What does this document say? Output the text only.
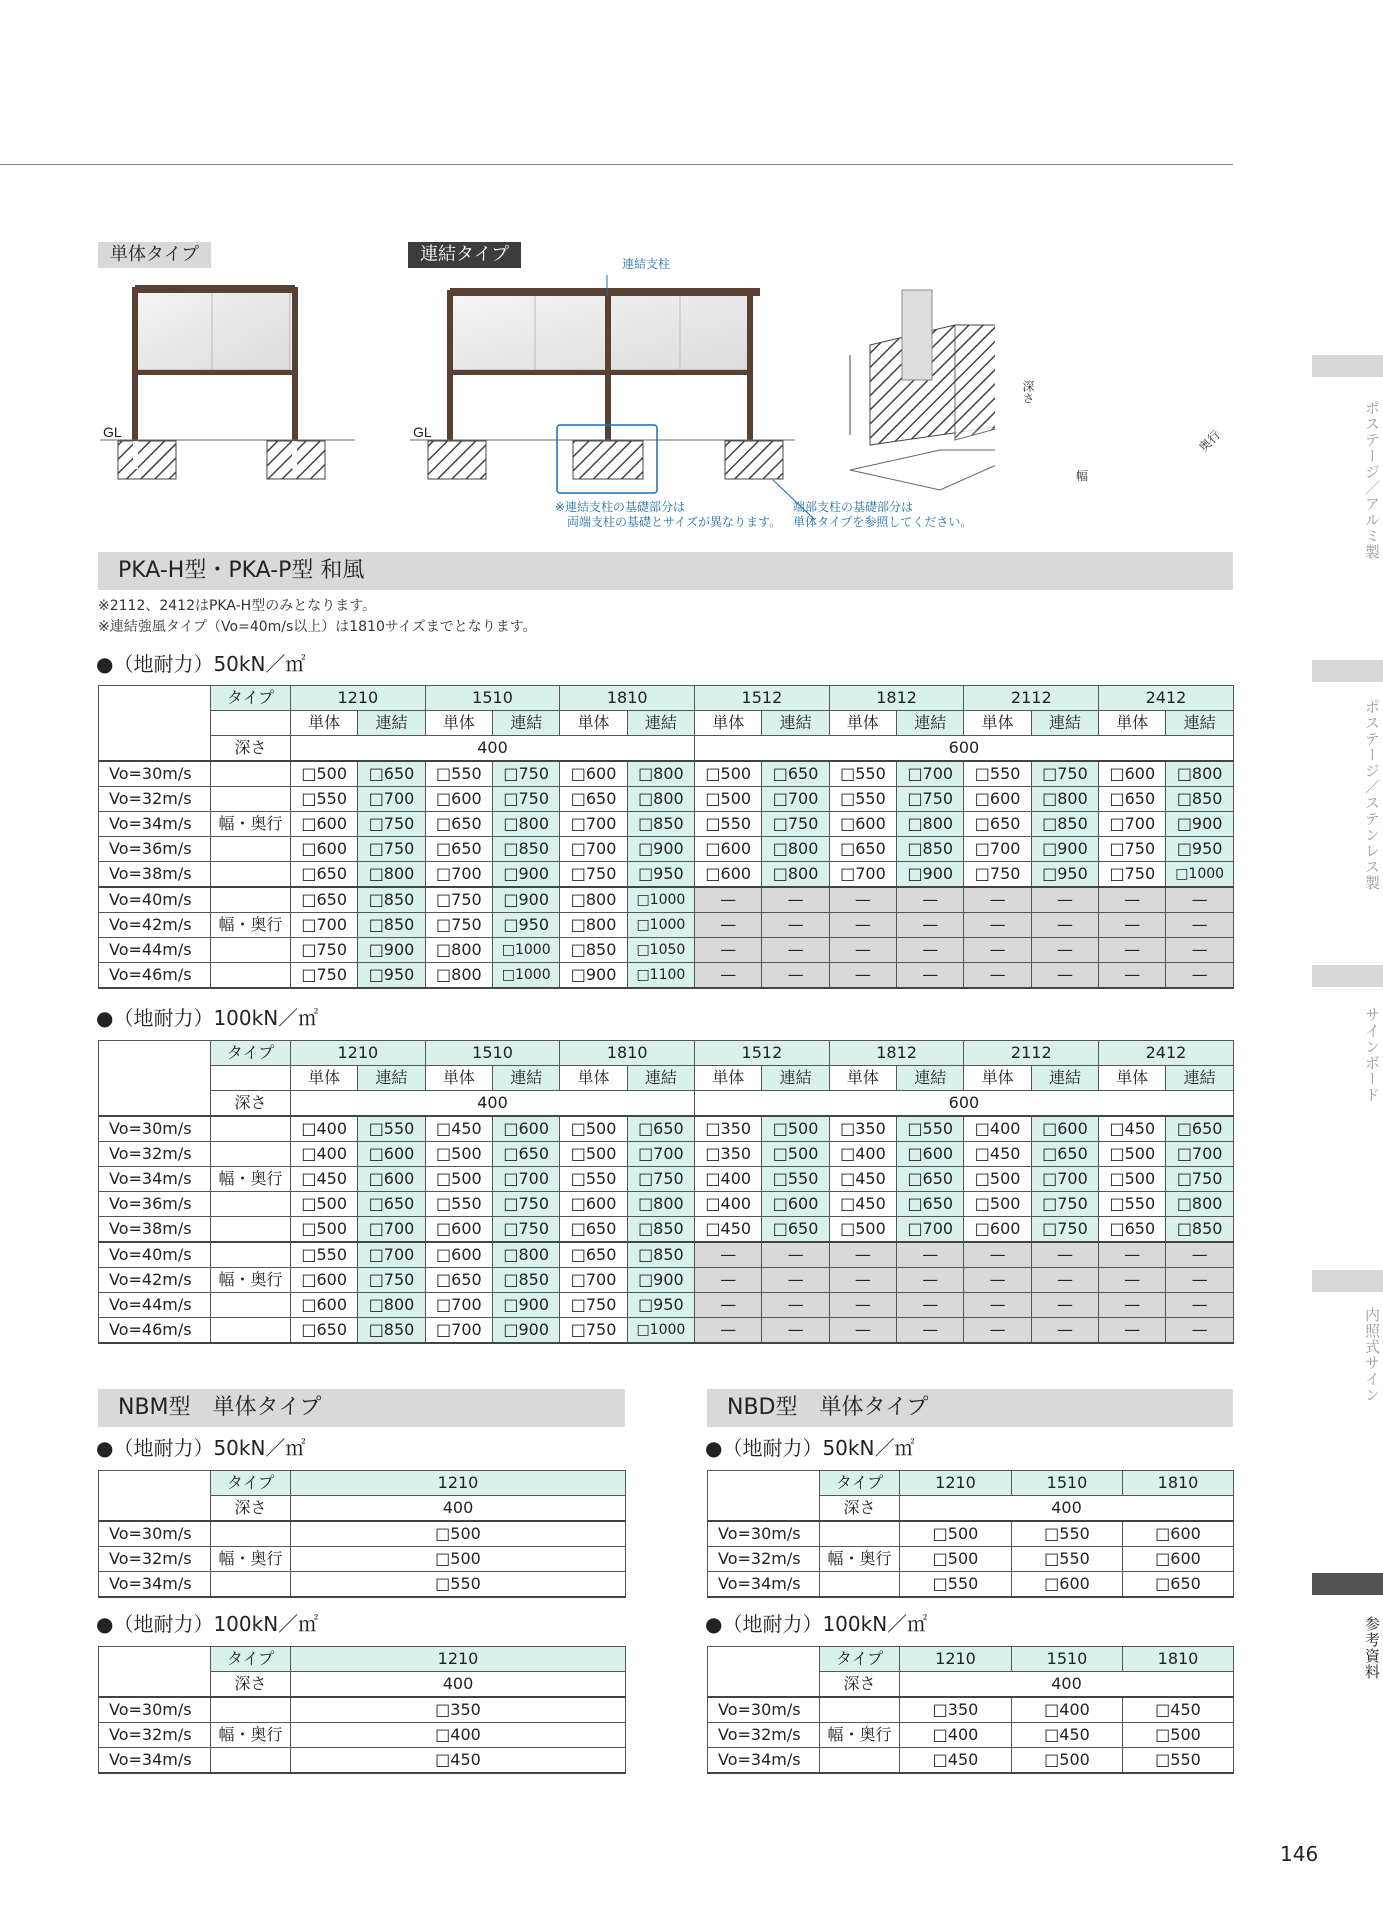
単体タイプ	連結タイプ
GL	GL
連結支柱
※連結支柱の基礎部分は
両端支柱の基礎とサイズが異なります。
端部支柱の基礎部分は
単体タイプを参照してください。
深さ
幅
奥行
PKA-H型・PKA-P型 和風
※2112、2412はPKA-H型のみとなります。
※連結強風タイプ（Vo=40m/s以上）は1810サイズまでとなります。
●（地耐力）50kN／㎡
	タイプ	1210		1510		1810		1512		1812		2112		2412	
		単体	連結	単体	連結	単体	連結	単体	連結	単体	連結	単体	連結	単体	連結
	深さ	400						600							
Vo=30m/s		□500	□650	□550	□750	□600	□800	□500	□650	□550	□700	□550	□750	□600	□800
Vo=32m/s		□550	□700	□600	□750	□650	□800	□500	□700	□550	□750	□600	□800	□650	□850
Vo=34m/s	幅・奥行	□600	□750	□650	□800	□700	□850	□550	□750	□600	□800	□650	□850	□700	□900
Vo=36m/s		□600	□750	□650	□850	□700	□900	□600	□800	□650	□850	□700	□900	□750	□950
Vo=38m/s		□650	□800	□700	□900	□750	□950	□600	□800	□700	□900	□750	□950	□750	□1000
Vo=40m/s		□650	□850	□750	□900	□800	□1000	—	—	—	—	—	—	—	—
Vo=42m/s	幅・奥行	□700	□850	□750	□950	□800	□1000	—	—	—	—	—	—	—	—
Vo=44m/s		□750	□900	□800	□1000	□850	□1050	—	—	—	—	—	—	—	—
Vo=46m/s		□750	□950	□800	□1000	□900	□1100	—	—	—	—	—	—	—	—
●（地耐力）100kN／㎡
	タイプ	1210		1510		1810		1512		1812		2112		2412	
		単体	連結	単体	連結	単体	連結	単体	連結	単体	連結	単体	連結	単体	連結
	深さ	400						600							
Vo=30m/s		□400	□550	□450	□600	□500	□650	□350	□500	□350	□550	□400	□600	□450	□650
Vo=32m/s		□400	□600	□500	□650	□500	□700	□350	□500	□400	□600	□450	□650	□500	□700
Vo=34m/s	幅・奥行	□450	□600	□500	□700	□550	□750	□400	□550	□450	□650	□500	□700	□500	□750
Vo=36m/s		□500	□650	□550	□750	□600	□800	□400	□600	□450	□650	□500	□750	□550	□800
Vo=38m/s		□500	□700	□600	□750	□650	□850	□450	□650	□500	□700	□600	□750	□650	□850
Vo=40m/s		□550	□700	□600	□800	□650	□850	—	—	—	—	—	—	—	—
Vo=42m/s	幅・奥行	□600	□750	□650	□850	□700	□900	—	—	—	—	—	—	—	—
Vo=44m/s		□600	□800	□700	□900	□750	□950	—	—	—	—	—	—	—	—
Vo=46m/s		□650	□850	□700	□900	□750	□1000	—	—	—	—	—	—	—	—
NBM型　単体タイプ
●（地耐力）50kN／㎡
	タイプ	1210
	深さ	400
Vo=30m/s		□500
Vo=32m/s	幅・奥行	□500
Vo=34m/s		□550
●（地耐力）100kN／㎡
	タイプ	1210
	深さ	400
Vo=30m/s		□350
Vo=32m/s	幅・奥行	□400
Vo=34m/s		□450
NBD型　単体タイプ
●（地耐力）50kN／㎡
	タイプ	1210	1510	1810
	深さ	400		
Vo=30m/s		□500	□550	□600
Vo=32m/s	幅・奥行	□500	□550	□600
Vo=34m/s		□550	□600	□650
●（地耐力）100kN／㎡
	タイプ	1210	1510	1810
	深さ	400		
Vo=30m/s		□350	□400	□450
Vo=32m/s	幅・奥行	□400	□450	□500
Vo=34m/s		□450	□500	□550
ポステージ／アルミ製
ポステージ／ステンレス製
サインボード
内照式サイン
参考資料
146
